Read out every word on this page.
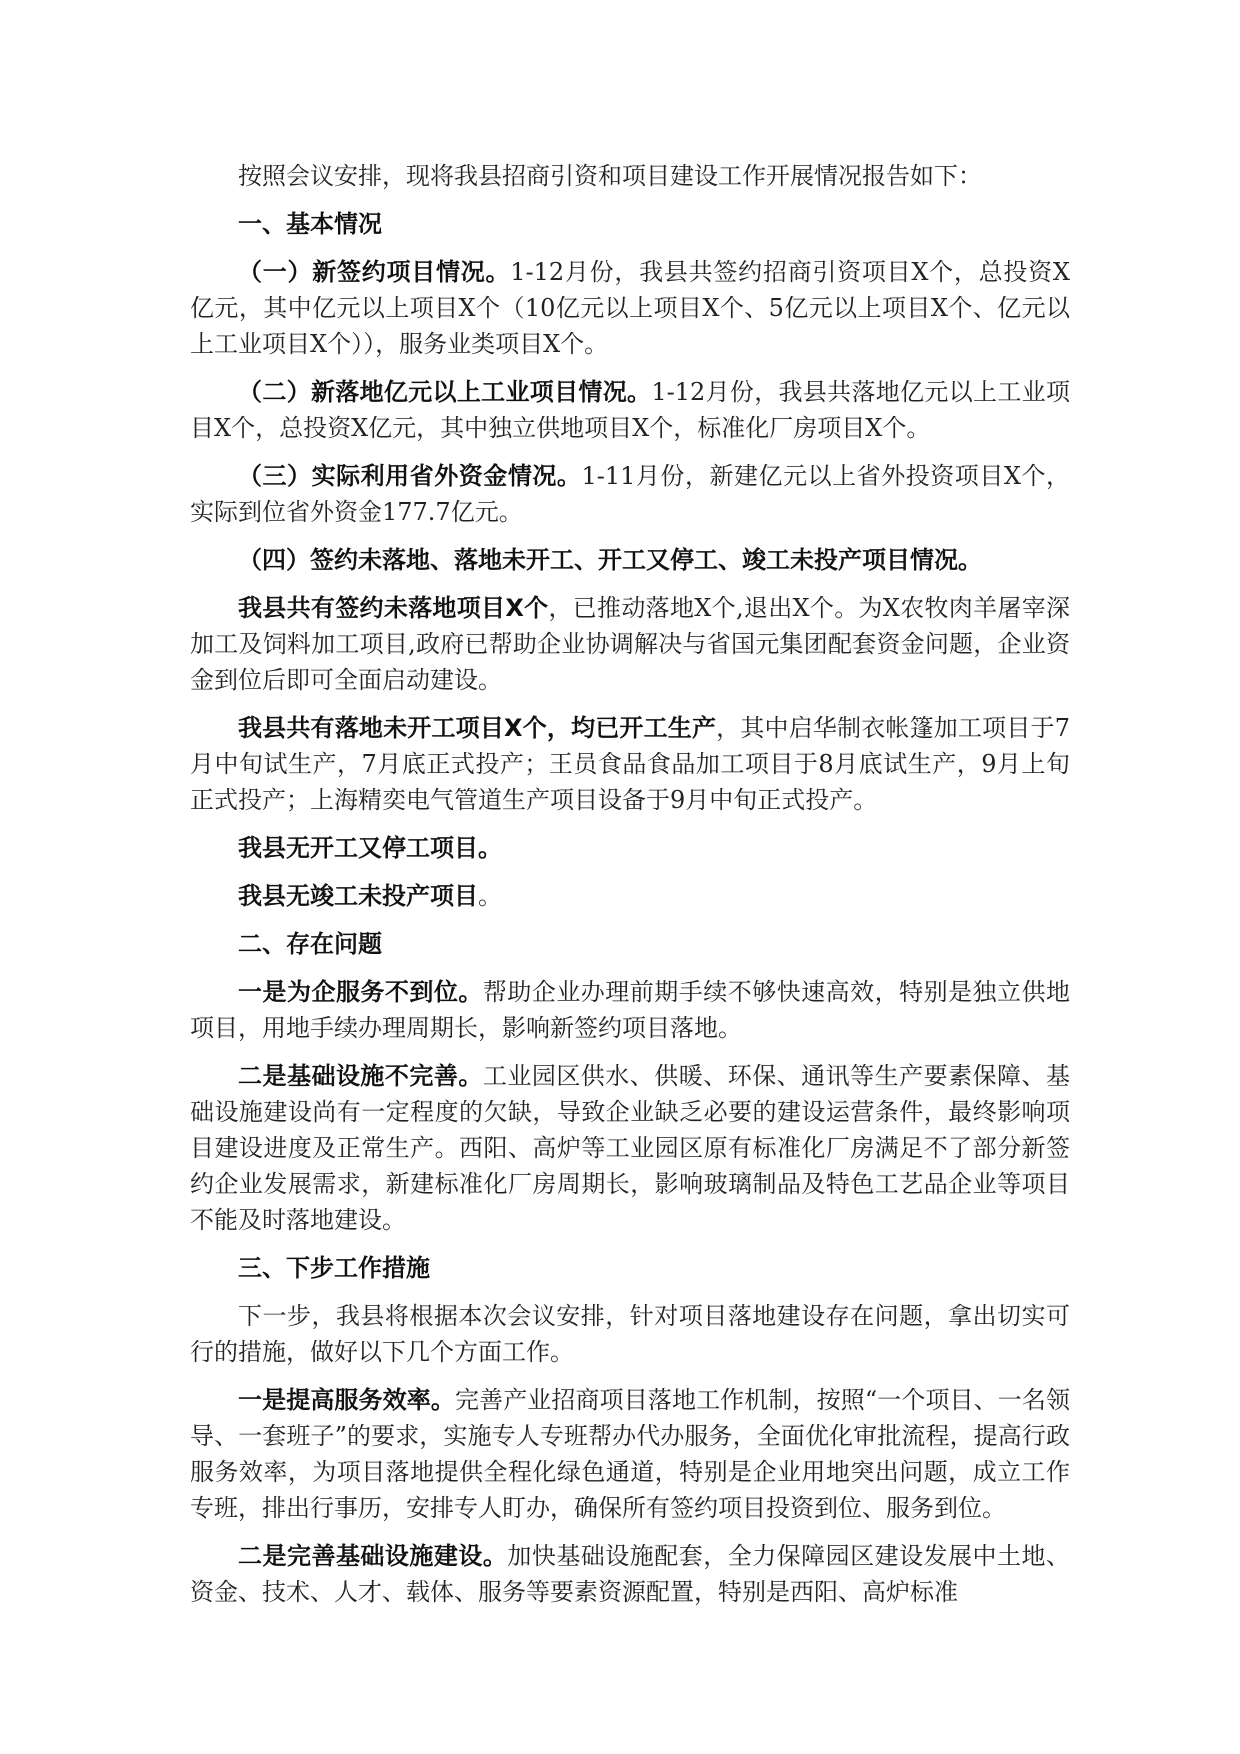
按照会议安排，现将我县招商引资和项目建设工作开展情况报告如下：

一、基本情况

（一）新签约项目情况。1-12月份，我县共签约招商引资项目X个，总投资X亿元，其中亿元以上项目X个（10亿元以上项目X个、5亿元以上项目X个、亿元以上工业项目X个）），服务业类项目X个。

（二）新落地亿元以上工业项目情况。1-12月份，我县共落地亿元以上工业项目X个，总投资X亿元，其中独立供地项目X个，标准化厂房项目X个。

（三）实际利用省外资金情况。1-11月份，新建亿元以上省外投资项目X个，实际到位省外资金177.7亿元。

（四）签约未落地、落地未开工、开工又停工、竣工未投产项目情况。

我县共有签约未落地项目X个，已推动落地X个,退出X个。为X农牧肉羊屠宰深加工及饲料加工项目,政府已帮助企业协调解决与省国元集团配套资金问题，企业资金到位后即可全面启动建设。

我县共有落地未开工项目X个，均已开工生产，其中启华制衣帐篷加工项目于7月中旬试生产，7月底正式投产；王员食品食品加工项目于8月底试生产，9月上旬正式投产；上海精奕电气管道生产项目设备于9月中旬正式投产。

我县无开工又停工项目。

我县无竣工未投产项目。

二、存在问题

一是为企服务不到位。帮助企业办理前期手续不够快速高效，特别是独立供地项目，用地手续办理周期长，影响新签约项目落地。

二是基础设施不完善。工业园区供水、供暖、环保、通讯等生产要素保障、基础设施建设尚有一定程度的欠缺，导致企业缺乏必要的建设运营条件，最终影响项目建设进度及正常生产。西阳、高炉等工业园区原有标准化厂房满足不了部分新签约企业发展需求，新建标准化厂房周期长，影响玻璃制品及特色工艺品企业等项目不能及时落地建设。

三、下步工作措施

下一步，我县将根据本次会议安排，针对项目落地建设存在问题，拿出切实可行的措施，做好以下几个方面工作。

一是提高服务效率。完善产业招商项目落地工作机制，按照“一个项目、一名领导、一套班子”的要求，实施专人专班帮办代办服务，全面优化审批流程，提高行政服务效率，为项目落地提供全程化绿色通道，特别是企业用地突出问题，成立工作专班，排出行事历，安排专人盯办，确保所有签约项目投资到位、服务到位。

二是完善基础设施建设。加快基础设施配套，全力保障园区建设发展中土地、资金、技术、人才、载体、服务等要素资源配置，特别是西阳、高炉标准
